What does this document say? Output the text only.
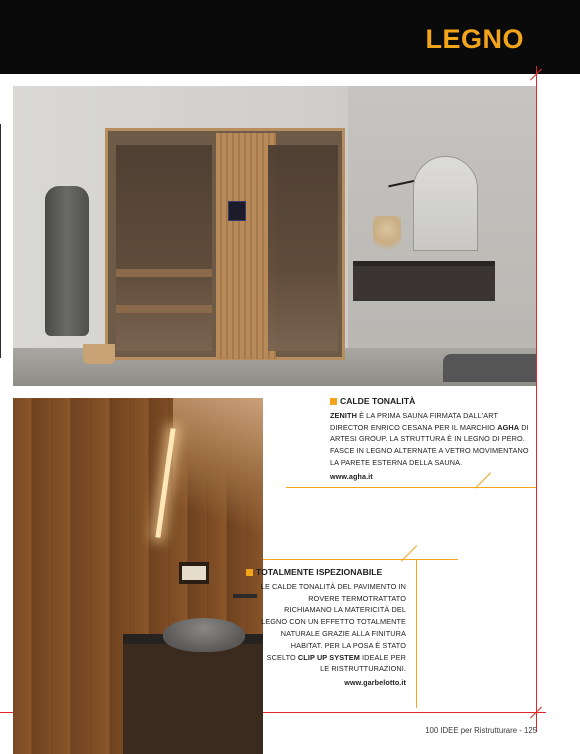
LEGNO
CALDE TONALITÀ
ZENITH È LA PRIMA SAUNA FIRMATA DALL'ART DIRECTOR ENRICO CESANA PER IL MARCHIO AGHA DI ARTESI GROUP. LA STRUTTURA È IN LEGNO DI PERO. FASCE IN LEGNO ALTERNATE A VETRO MOVIMENTANO LA PARETE ESTERNA DELLA SAUNA.
www.agha.it
TOTALMENTE ISPEZIONABILE
LE CALDE TONALITÀ DEL PAVIMENTO IN ROVERE TERMOTRATTATO RICHIAMANO LA MATERICITÀ DEL LEGNO CON UN EFFETTO TOTALMENTE NATURALE GRAZIE ALLA FINITURA HABITAT. PER LA POSA È STATO SCELTO CLIP UP SYSTEM IDEALE PER LE RISTRUTTURAZIONI.
www.garbelotto.it
100 IDEE per Ristrutturare - 125
